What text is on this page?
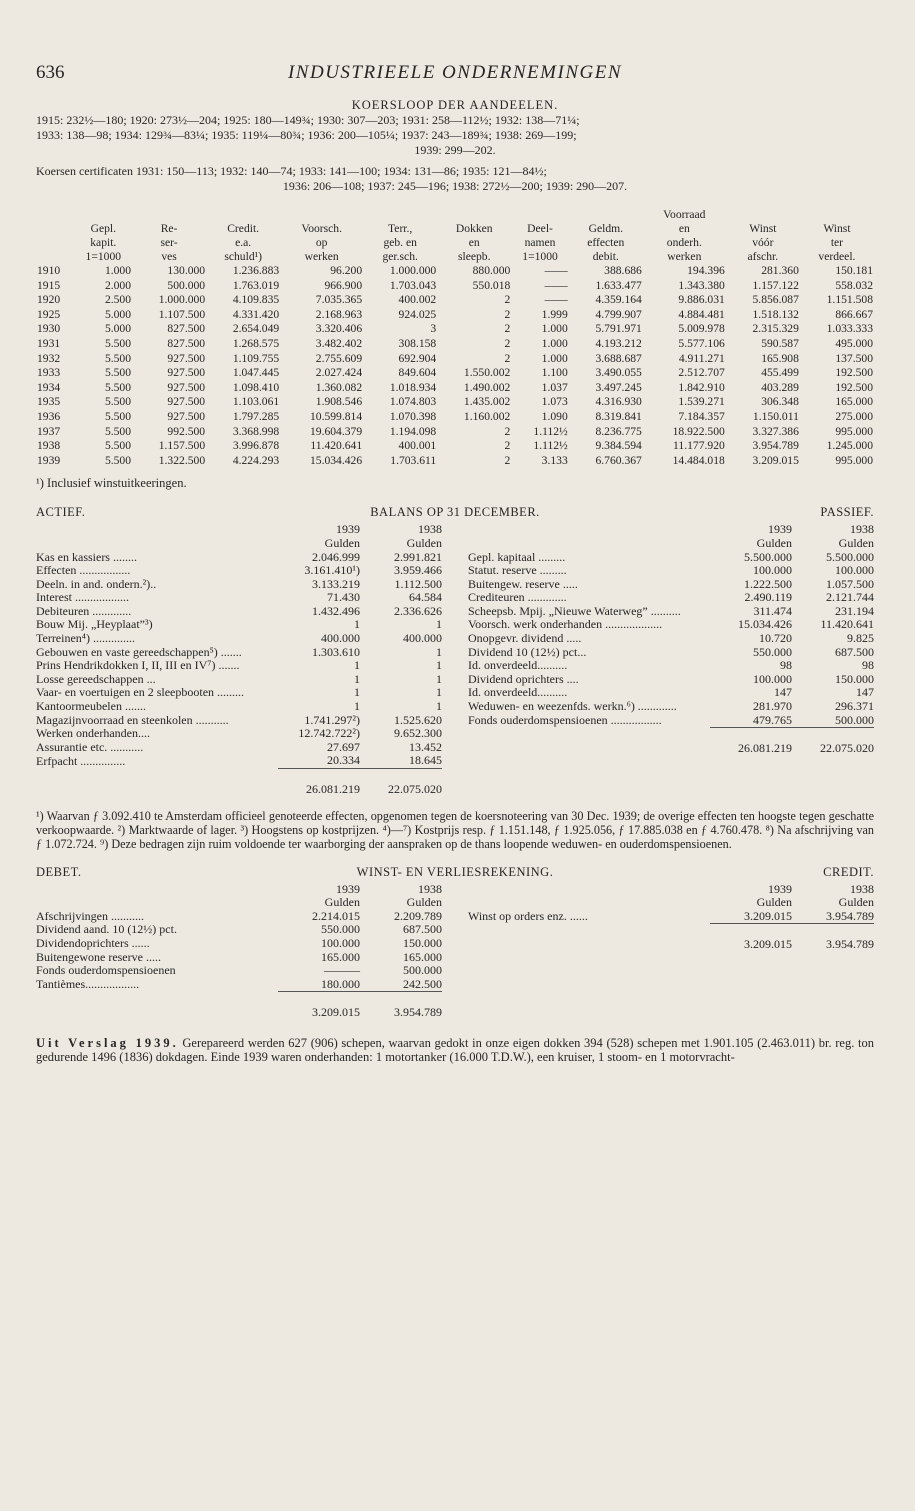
636	INDUSTRIEELE ONDERNEMINGEN
KOERSLOOP DER AANDEELEN.

1915: 232½—180; 1920: 273½—204; 1925: 180—149¾; 1930: 307—203; 1931: 258—112½; 1932: 138—71¼;

1933: 138—98; 1934: 129¾—83¼; 1935: 119¼—80¾; 1936: 200—105¼; 1937: 243—189¾; 1938: 269—199;

1939: 299—202.

Koersen certificaten 1931: 150—113; 1932: 140—74; 1933: 141—100; 1934: 131—86; 1935: 121—84½;

1936: 206—108; 1937: 245—196; 1938: 272½—200; 1939: 290—207.

									Voorraad		
	Gepl.	Re-	Credit.	Voorsch.	Terr.,	Dokken	Deel-	Geldm.	en	Winst	Winst
	kapit.	ser-	e.a.	op	geb. en	en	namen	effecten	onderh.	vóór	ter
	1=1000	ves	schuld¹)	werken	ger.sch.	sleepb.	1=1000	debit.	werken	afschr.	verdeel.
1910	1.000	130.000	1.236.883	96.200	1.000.000	880.000	——	388.686	194.396	281.360	150.181
1915	2.000	500.000	1.763.019	966.900	1.703.043	550.018	——	1.633.477	1.343.380	1.157.122	558.032
1920	2.500	1.000.000	4.109.835	7.035.365	400.002	2	——	4.359.164	9.886.031	5.856.087	1.151.508
1925	5.000	1.107.500	4.331.420	2.168.963	924.025	2	1.999	4.799.907	4.884.481	1.518.132	866.667
1930	5.000	827.500	2.654.049	3.320.406	3	2	1.000	5.791.971	5.009.978	2.315.329	1.033.333
1931	5.500	827.500	1.268.575	3.482.402	308.158	2	1.000	4.193.212	5.577.106	590.587	495.000
1932	5.500	927.500	1.109.755	2.755.609	692.904	2	1.000	3.688.687	4.911.271	165.908	137.500
1933	5.500	927.500	1.047.445	2.027.424	849.604	1.550.002	1.100	3.490.055	2.512.707	455.499	192.500
1934	5.500	927.500	1.098.410	1.360.082	1.018.934	1.490.002	1.037	3.497.245	1.842.910	403.289	192.500
1935	5.500	927.500	1.103.061	1.908.546	1.074.803	1.435.002	1.073	4.316.930	1.539.271	306.348	165.000
1936	5.500	927.500	1.797.285	10.599.814	1.070.398	1.160.002	1.090	8.319.841	7.184.357	1.150.011	275.000
1937	5.500	992.500	3.368.998	19.604.379	1.194.098	2	1.112½	8.236.775	18.922.500	3.327.386	995.000
1938	5.500	1.157.500	3.996.878	11.420.641	400.001	2	1.112½	9.384.594	11.177.920	3.954.789	1.245.000
1939	5.500	1.322.500	4.224.293	15.034.426	1.703.611	2	3.133	6.760.367	14.484.018	3.209.015	995.000
¹) Inclusief winstuitkeeringen.
ACTIEF.	BALANS OP 31 DECEMBER.	PASSIEF.
	1939	1938
	Gulden	Gulden
Kas en kassiers ........	2.046.999	2.991.821
Effecten .................	3.161.410¹)	3.959.466
Deeln. in and. ondern.²)..	3.133.219	1.112.500
Interest ..................	71.430	64.584
Debiteuren .............	1.432.496	2.336.626
Bouw Mij. „Heyplaat”³)	1	1
Terreinen⁴) ..............	400.000	400.000
Gebouwen en vaste gereedschappen⁵) .......	1.303.610	1
Prins Hendrikdokken I, II, III en IV⁷) .......	1	1
Losse gereedschappen ...	1	1
Vaar- en voertuigen en 2 sleepbooten .........	1	1
Kantoormeubelen .......	1	1
Magazijnvoorraad en steenkolen ...........	1.741.297²)	1.525.620
Werken onderhanden....	12.742.722²)	9.652.300
Assurantie etc. ...........	27.697	13.452
Erfpacht ...............	20.334	18.645
	26.081.219	22.075.020
	1939	1938
	Gulden	Gulden
Gepl. kapitaal .........	5.500.000	5.500.000
Statut. reserve .........	100.000	100.000
Buitengew. reserve .....	1.222.500	1.057.500
Crediteuren .............	2.490.119	2.121.744
Scheepsb. Mpij. „Nieuwe Waterweg” ..........	311.474	231.194
Voorsch. werk onderhanden ...................	15.034.426	11.420.641
Onopgevr. dividend .....	10.720	9.825
Dividend 10 (12½) pct...	550.000	687.500
Id. onverdeeld..........	98	98
Dividend oprichters ....	100.000	150.000
Id. onverdeeld..........	147	147
Weduwen- en weezenfds. werkn.⁶) .............	281.970	296.371
Fonds ouderdomspensioenen .................	479.765	500.000
	26.081.219	22.075.020

¹) Waarvan ƒ 3.092.410 te Amsterdam officieel genoteerde effecten, opgenomen tegen de koersnoteering van 30 Dec. 1939; de overige effecten ten hoogste tegen geschatte verkoopwaarde. ²) Marktwaarde of lager. ³) Hoogstens op kostprijzen. ⁴)—⁷) Kostprijs resp. ƒ 1.151.148, ƒ 1.925.056, ƒ 17.885.038 en ƒ 4.760.478. ⁸) Na afschrijving van ƒ 1.072.724. ⁹) Deze bedragen zijn ruim voldoende ter waarborging der aanspraken op de thans loopende weduwen- en ouderdomspensioenen.

DEBET.	WINST- EN VERLIESREKENING.	CREDIT.
	1939	1938
	Gulden	Gulden
Afschrijvingen ...........	2.214.015	2.209.789
Dividend aand. 10 (12½) pct.	550.000	687.500
Dividendoprichters ......	100.000	150.000
Buitengewone reserve .....	165.000	165.000
Fonds ouderdomspensioenen	———	500.000
Tantièmes..................	180.000	242.500
	3.209.015	3.954.789
	1939	1938
	Gulden	Gulden
Winst op orders enz. ......	3.209.015	3.954.789
	3.209.015	3.954.789

Uit Verslag 1939. Gerepareerd werden 627 (906) schepen, waarvan gedokt in onze eigen dokken 394 (528) schepen met 1.901.105 (2.463.011) br. reg. ton gedurende 1496 (1836) dokdagen. Einde 1939 waren onderhanden: 1 motortanker (16.000 T.D.W.), een kruiser, 1 stoom- en 1 motorvracht-
